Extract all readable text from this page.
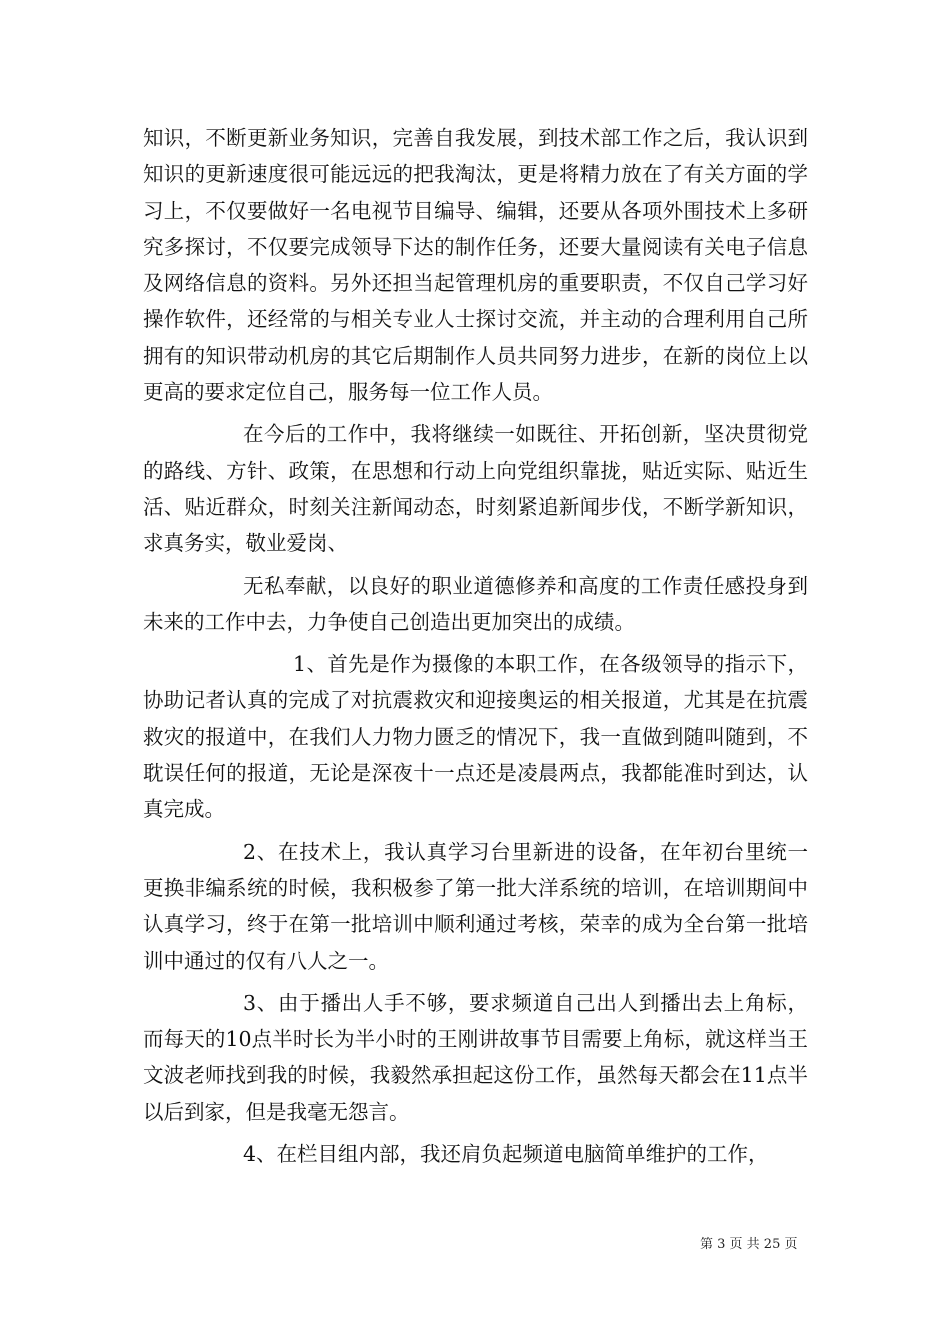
知识，不断更新业务知识，完善自我发展，到技术部工作之后，我认识到知识的更新速度很可能远远的把我淘汰，更是将精力放在了有关方面的学习上，不仅要做好一名电视节目编导、编辑，还要从各项外围技术上多研究多探讨，不仅要完成领导下达的制作任务，还要大量阅读有关电子信息及网络信息的资料。另外还担当起管理机房的重要职责，不仅自己学习好操作软件，还经常的与相关专业人士探讨交流，并主动的合理利用自己所拥有的知识带动机房的其它后期制作人员共同努力进步，在新的岗位上以更高的要求定位自己，服务每一位工作人员。

在今后的工作中，我将继续一如既往、开拓创新，坚决贯彻党的路线、方针、政策，在思想和行动上向党组织靠拢，贴近实际、贴近生活、贴近群众，时刻关注新闻动态，时刻紧追新闻步伐，不断学新知识，求真务实，敬业爱岗、

无私奉献，以良好的职业道德修养和高度的工作责任感投身到未来的工作中去，力争使自己创造出更加突出的成绩。

1、首先是作为摄像的本职工作，在各级领导的指示下，协助记者认真的完成了对抗震救灾和迎接奥运的相关报道，尤其是在抗震救灾的报道中，在我们人力物力匮乏的情况下，我一直做到随叫随到，不耽误任何的报道，无论是深夜十一点还是凌晨两点，我都能准时到达，认真完成。

2、在技术上，我认真学习台里新进的设备，在年初台里统一更换非编系统的时候，我积极参了第一批大洋系统的培训，在培训期间中认真学习，终于在第一批培训中顺利通过考核，荣幸的成为全台第一批培训中通过的仅有八人之一。

3、由于播出人手不够，要求频道自己出人到播出去上角标，而每天的10点半时长为半小时的王刚讲故事节目需要上角标，就这样当王文波老师找到我的时候，我毅然承担起这份工作，虽然每天都会在11点半以后到家，但是我毫无怨言。

4、在栏目组内部，我还肩负起频道电脑简单维护的工作，

第 3 页 共 25 页
